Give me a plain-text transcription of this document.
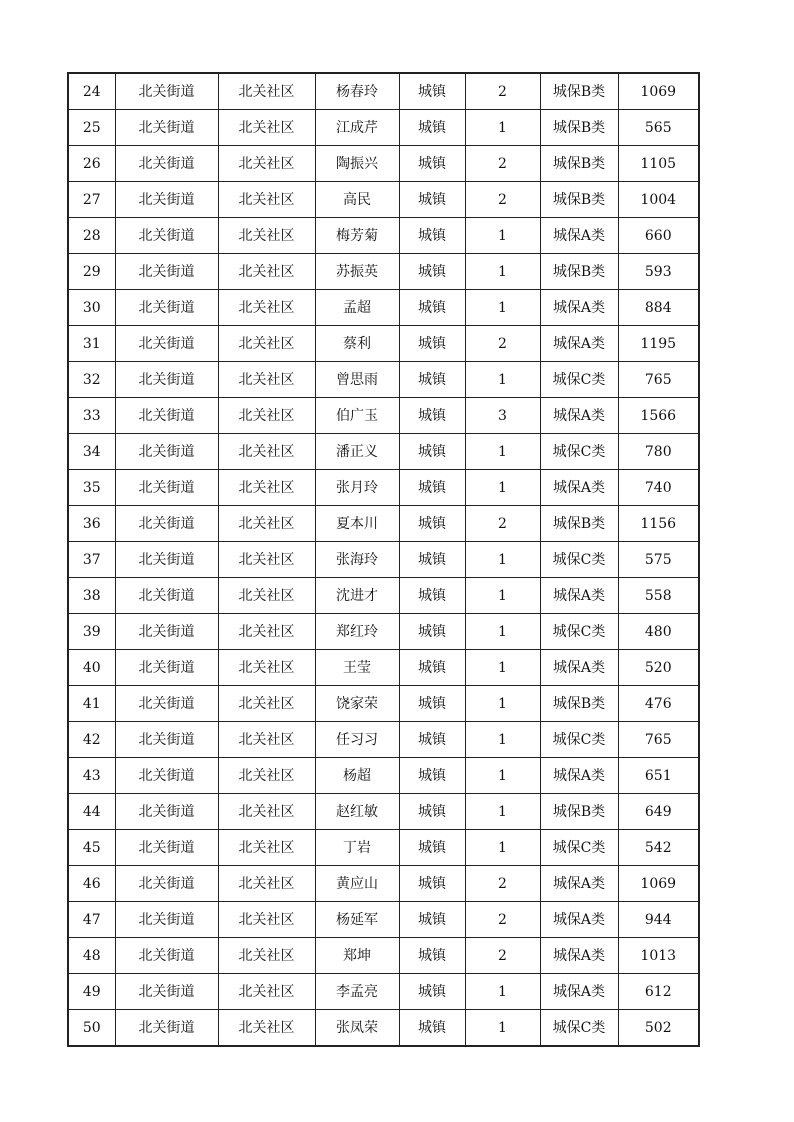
24	北关街道	北关社区	杨春玲	城镇	2	城保B类	1069
25	北关街道	北关社区	江成芹	城镇	1	城保B类	565
26	北关街道	北关社区	陶振兴	城镇	2	城保B类	1105
27	北关街道	北关社区	高民	城镇	2	城保B类	1004
28	北关街道	北关社区	梅芳菊	城镇	1	城保A类	660
29	北关街道	北关社区	苏振英	城镇	1	城保B类	593
30	北关街道	北关社区	孟超	城镇	1	城保A类	884
31	北关街道	北关社区	蔡利	城镇	2	城保A类	1195
32	北关街道	北关社区	曾思雨	城镇	1	城保C类	765
33	北关街道	北关社区	伯广玉	城镇	3	城保A类	1566
34	北关街道	北关社区	潘正义	城镇	1	城保C类	780
35	北关街道	北关社区	张月玲	城镇	1	城保A类	740
36	北关街道	北关社区	夏本川	城镇	2	城保B类	1156
37	北关街道	北关社区	张海玲	城镇	1	城保C类	575
38	北关街道	北关社区	沈进才	城镇	1	城保A类	558
39	北关街道	北关社区	郑红玲	城镇	1	城保C类	480
40	北关街道	北关社区	王莹	城镇	1	城保A类	520
41	北关街道	北关社区	饶家荣	城镇	1	城保B类	476
42	北关街道	北关社区	任习习	城镇	1	城保C类	765
43	北关街道	北关社区	杨超	城镇	1	城保A类	651
44	北关街道	北关社区	赵红敏	城镇	1	城保B类	649
45	北关街道	北关社区	丁岩	城镇	1	城保C类	542
46	北关街道	北关社区	黄应山	城镇	2	城保A类	1069
47	北关街道	北关社区	杨延军	城镇	2	城保A类	944
48	北关街道	北关社区	郑坤	城镇	2	城保A类	1013
49	北关街道	北关社区	李孟亮	城镇	1	城保A类	612
50	北关街道	北关社区	张凤荣	城镇	1	城保C类	502
